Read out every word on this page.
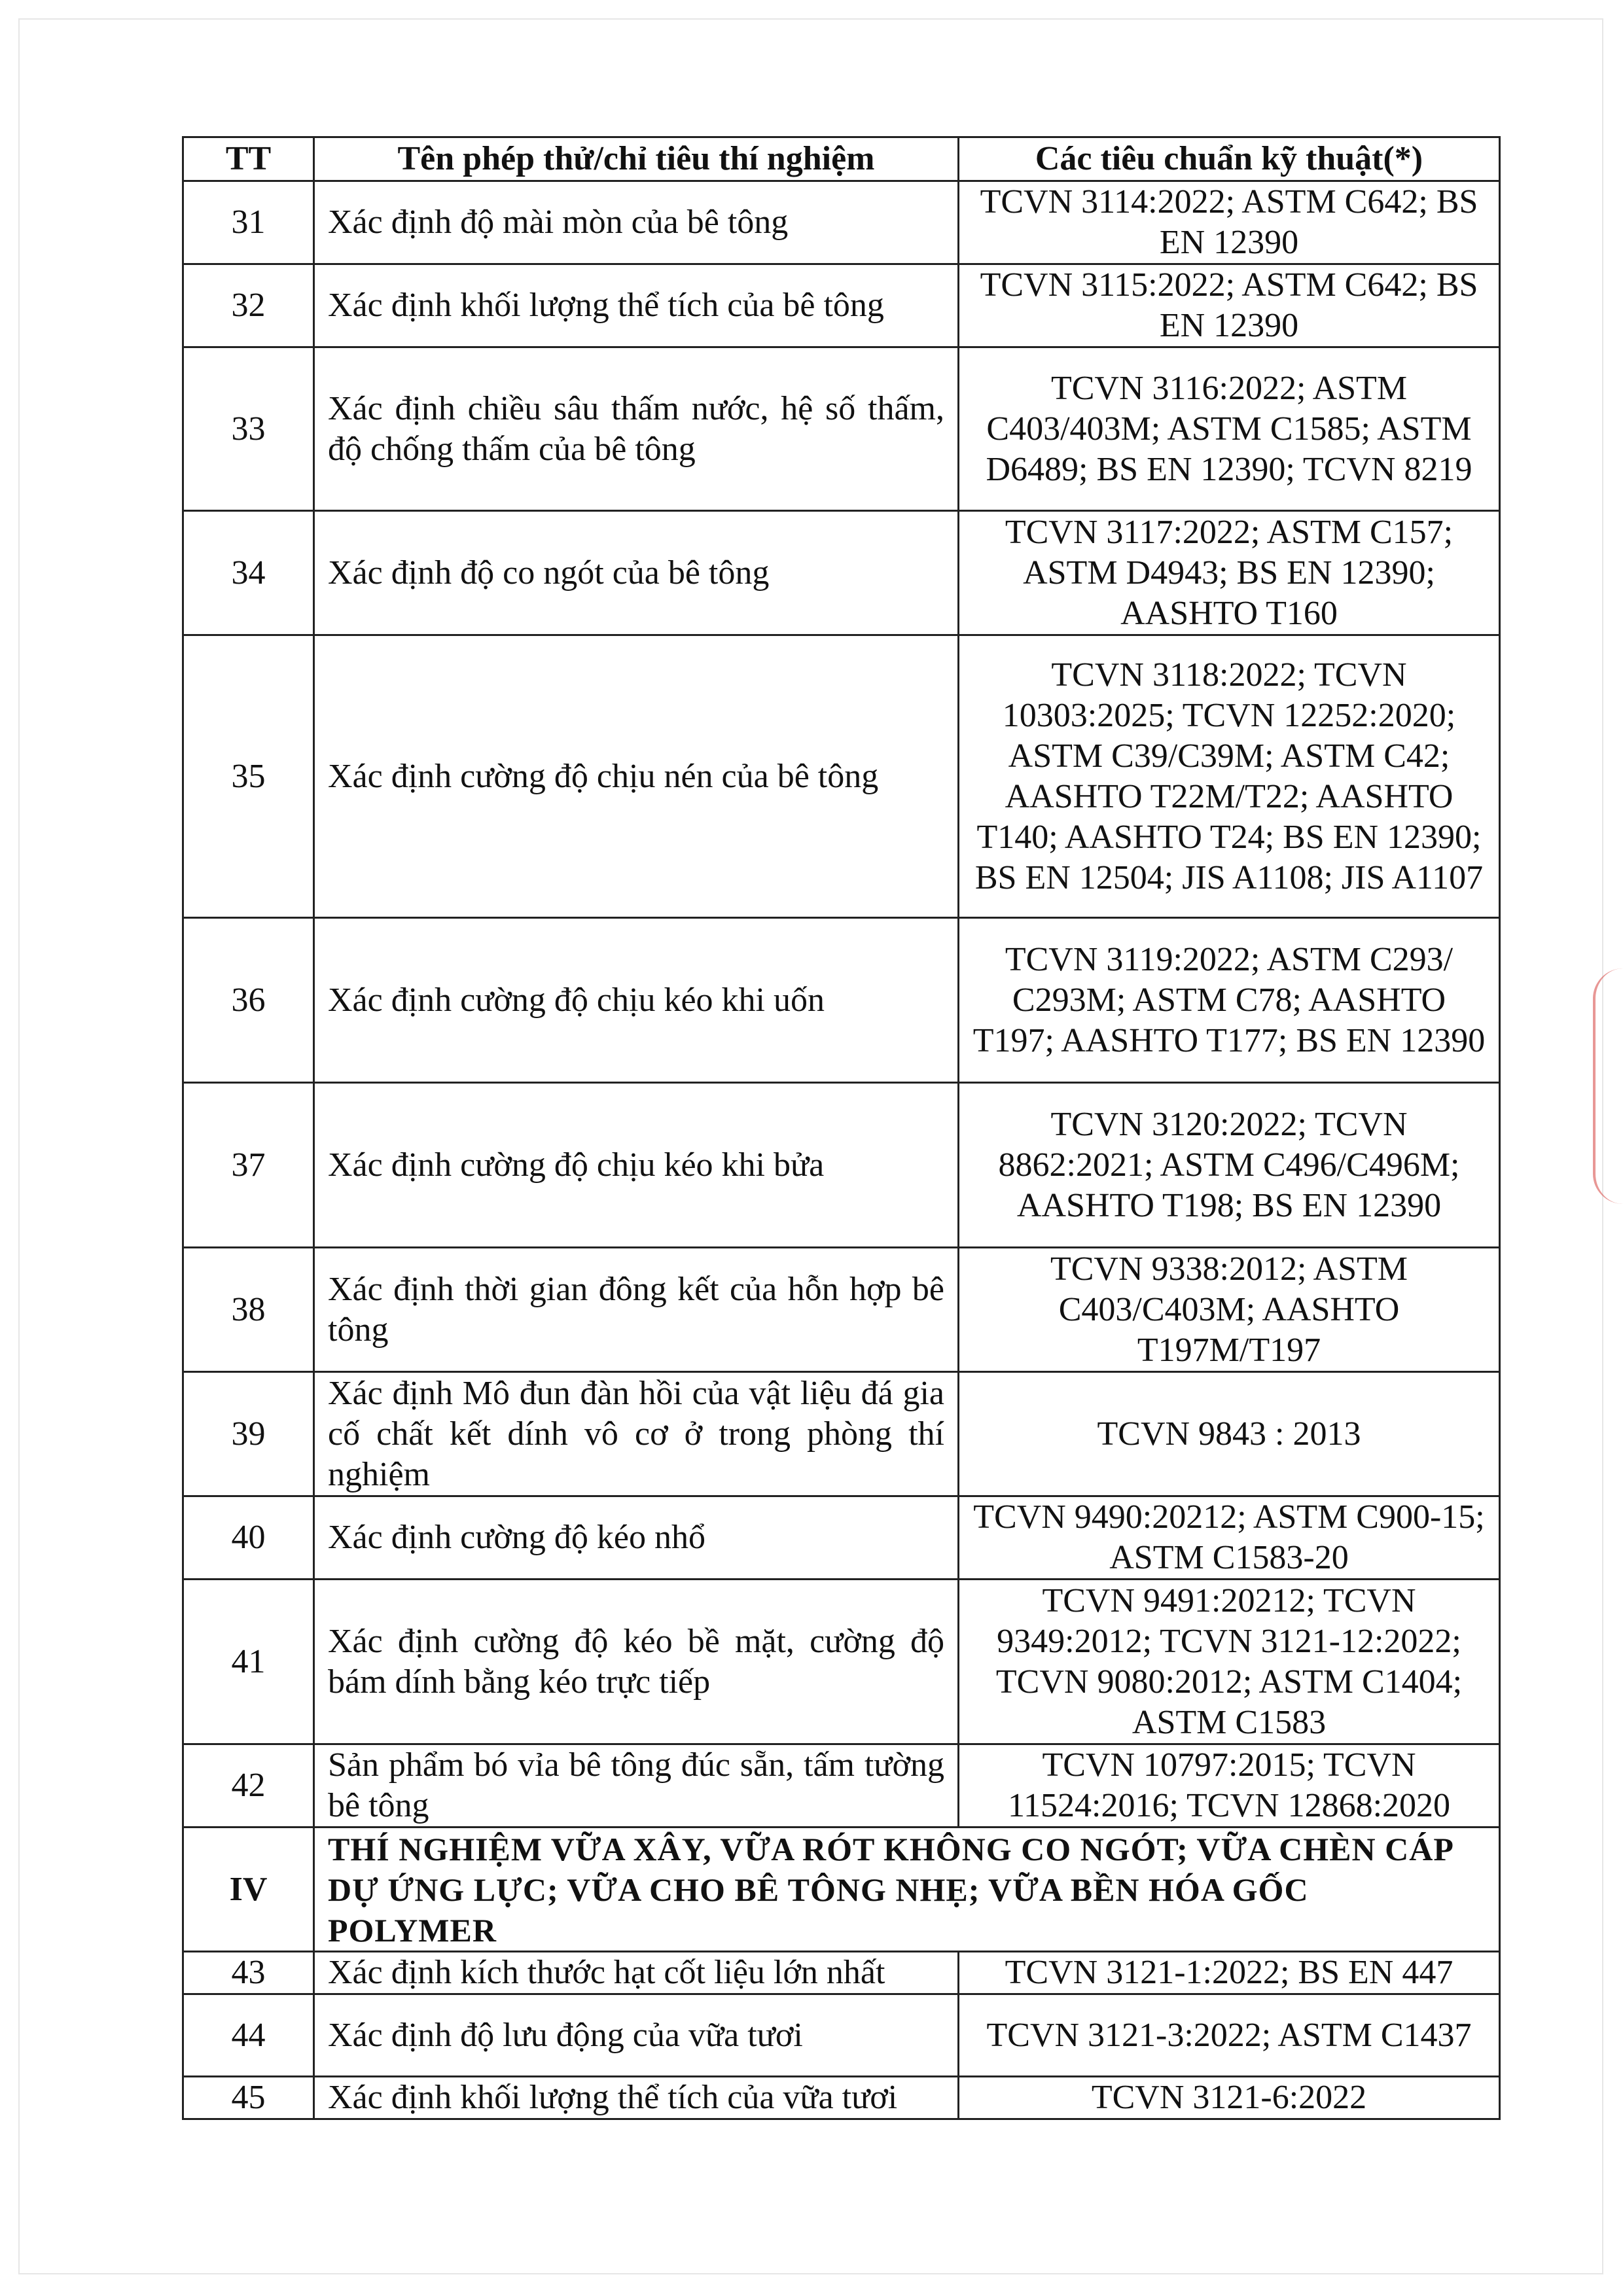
TT	Tên phép thử/chỉ tiêu thí nghiệm	Các tiêu chuẩn kỹ thuật(*)
31	Xác định độ mài mòn của bê tông	TCVN 3114:2022; ASTM C642; BS EN 12390
32	Xác định khối lượng thể tích của bê tông	TCVN 3115:2022; ASTM C642; BS EN 12390
33	Xác định chiều sâu thấm nước, hệ số thấm, độ chống thấm của bê tông	TCVN 3116:2022; ASTM C403/403M; ASTM C1585; ASTM D6489; BS EN 12390; TCVN 8219
34	Xác định độ co ngót của bê tông	TCVN 3117:2022; ASTM C157; ASTM D4943; BS EN 12390; AASHTO T160
35	Xác định cường độ chịu nén của bê tông	TCVN 3118:2022; TCVN 10303:2025; TCVN 12252:2020; ASTM C39/C39M; ASTM C42; AASHTO T22M/T22; AASHTO T140; AASHTO T24; BS EN 12390; BS EN 12504; JIS A1108; JIS A1107
36	Xác định cường độ chịu kéo khi uốn	TCVN 3119:2022; ASTM C293/ C293M; ASTM C78; AASHTO T197; AASHTO T177; BS EN 12390
37	Xác định cường độ chịu kéo khi bửa	TCVN 3120:2022; TCVN 8862:2021; ASTM C496/C496M; AASHTO T198; BS EN 12390
38	Xác định thời gian đông kết của hỗn hợp bê tông	TCVN 9338:2012; ASTM C403/C403M; AASHTO T197M/T197
39	Xác định Mô đun đàn hồi của vật liệu đá gia cố chất kết dính vô cơ ở trong phòng thí nghiệm	TCVN 9843 : 2013
40	Xác định cường độ kéo nhổ	TCVN 9490:20212; ASTM C900-15; ASTM C1583-20
41	Xác định cường độ kéo bề mặt, cường độ bám dính bằng kéo trực tiếp	TCVN 9491:20212; TCVN 9349:2012; TCVN 3121-12:2022; TCVN 9080:2012; ASTM C1404; ASTM C1583
42	Sản phẩm bó vỉa bê tông đúc sẵn, tấm tường bê tông	TCVN 10797:2015; TCVN 11524:2016; TCVN 12868:2020
IV	THÍ NGHIỆM VỮA XÂY, VỮA RÓT KHÔNG CO NGÓT; VỮA CHÈN CÁP DỰ ỨNG LỰC; VỮA CHO BÊ TÔNG NHẸ; VỮA BỀN HÓA GỐC POLYMER	
43	Xác định kích thước hạt cốt liệu lớn nhất	TCVN 3121-1:2022; BS EN 447
44	Xác định độ lưu động của vữa tươi	TCVN 3121-3:2022; ASTM C1437
45	Xác định khối lượng thể tích của vữa tươi	TCVN 3121-6:2022
